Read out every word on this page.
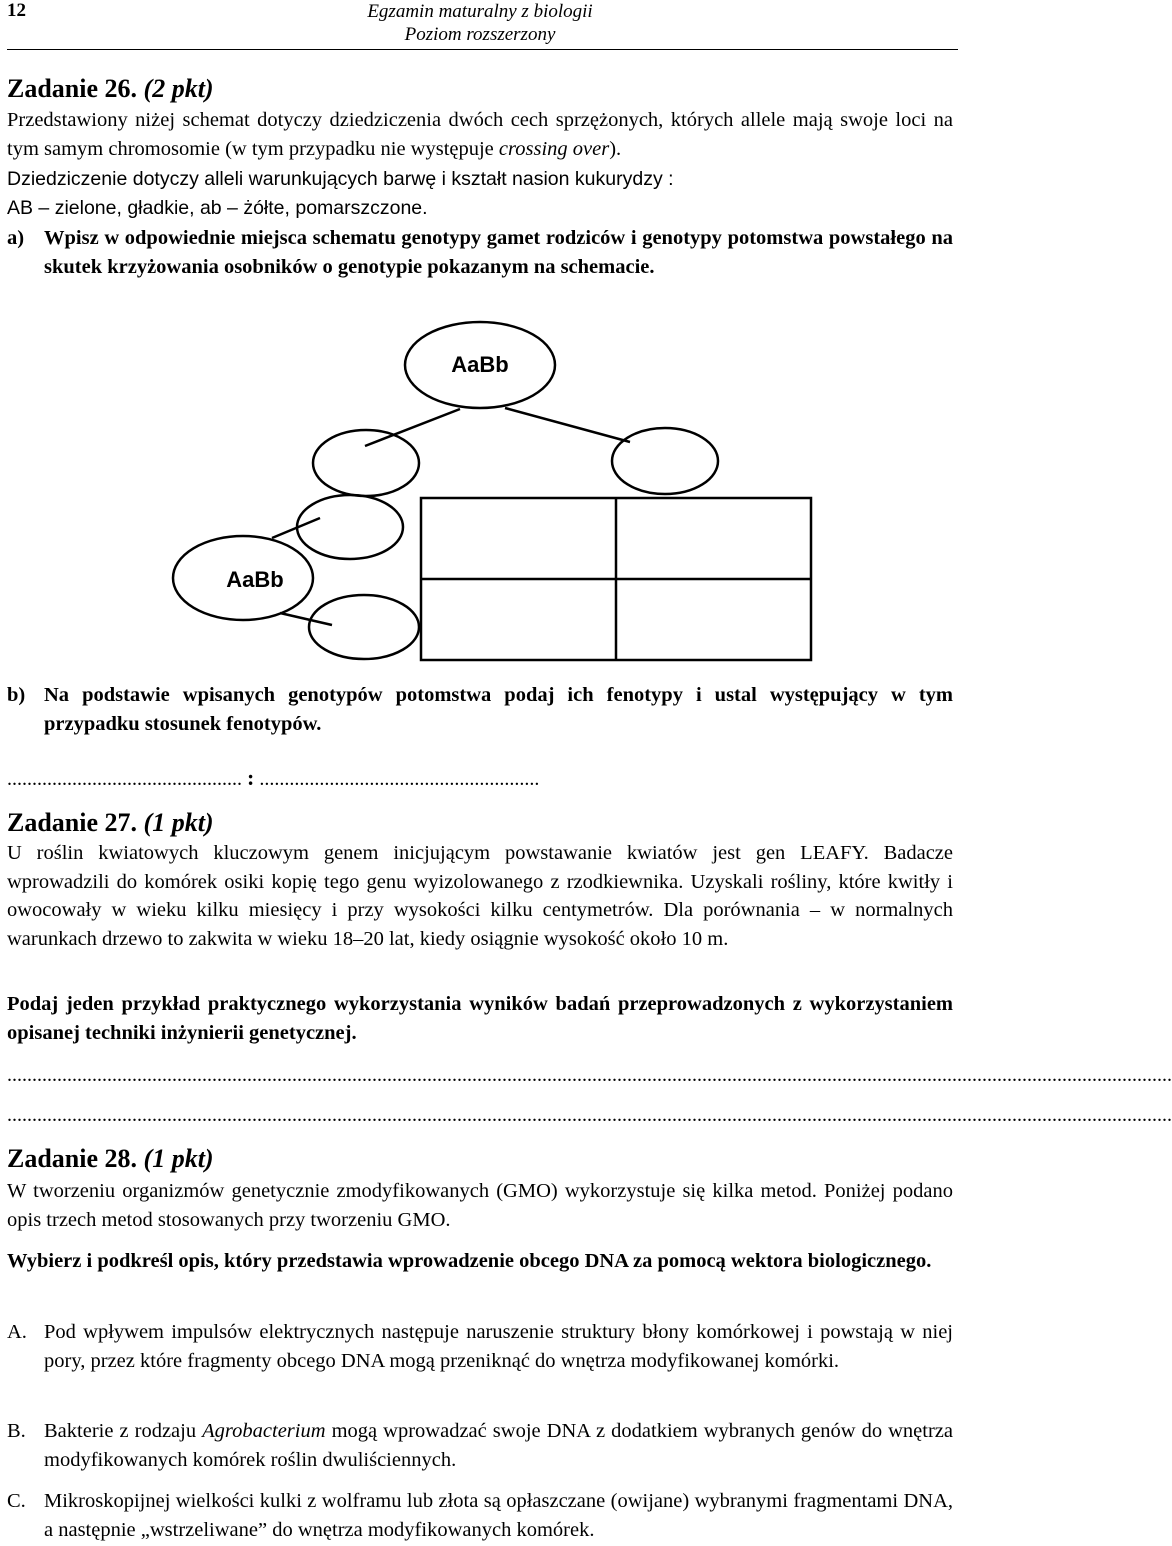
12	Egzamin maturalny z biologii
Poziom rozszerzony
Zadanie 26. (2 pkt)

Przedstawiony niżej schemat dotyczy dziedziczenia dwóch cech sprzężonych, których allele mają swoje loci na tym samym chromosomie (w tym przypadku nie występuje crossing over).

Dziedziczenie dotyczy alleli warunkujących barwę i kształt nasion kukurydzy :
AB – zielone, gładkie, ab – żółte, pomarszczone.
a) Wpisz w odpowiednie miejsca schematu genotypy gamet rodziców i genotypy potomstwa powstałego na skutek krzyżowania osobników o genotypie pokazanym na schemacie.
AaBb
AaBb
b) Na podstawie wpisanych genotypów potomstwa podaj ich fenotypy i ustal występujący w tym przypadku stosunek fenotypów.
............................................... : ........................................................
Zadanie 27. (1 pkt)

U roślin kwiatowych kluczowym genem inicjującym powstawanie kwiatów jest gen LEAFY. Badacze wprowadzili do komórek osiki kopię tego genu wyizolowanego z rzodkiewnika. Uzyskali rośliny, które kwitły i owocowały w wieku kilku miesięcy i przy wysokości kilku centymetrów. Dla porównania – w normalnych warunkach drzewo to zakwita w wieku 18–20 lat, kiedy osiągnie wysokość około 10 m.

Podaj jeden przykład praktycznego wykorzystania wyników badań przeprowadzonych z wykorzystaniem opisanej techniki inżynierii genetycznej.

.........................................................................................................................................................................................................................................
.........................................................................................................................................................................................................................................
Zadanie 28. (1 pkt)

W tworzeniu organizmów genetycznie zmodyfikowanych (GMO) wykorzystuje się kilka metod. Poniżej podano opis trzech metod stosowanych przy tworzeniu GMO.

Wybierz i podkreśl opis, który przedstawia wprowadzenie obcego DNA za pomocą wektora biologicznego.

A. Pod wpływem impulsów elektrycznych następuje naruszenie struktury błony komórkowej i powstają w niej pory, przez które fragmenty obcego DNA mogą przeniknąć do wnętrza modyfikowanej komórki.
B. Bakterie z rodzaju Agrobacterium mogą wprowadzać swoje DNA z dodatkiem wybranych genów do wnętrza modyfikowanych komórek roślin dwuliściennych.
C. Mikroskopijnej wielkości kulki z wolframu lub złota są opłaszczane (owijane) wybranymi fragmentami DNA, a następnie „wstrzeliwane” do wnętrza modyfikowanych komórek.
